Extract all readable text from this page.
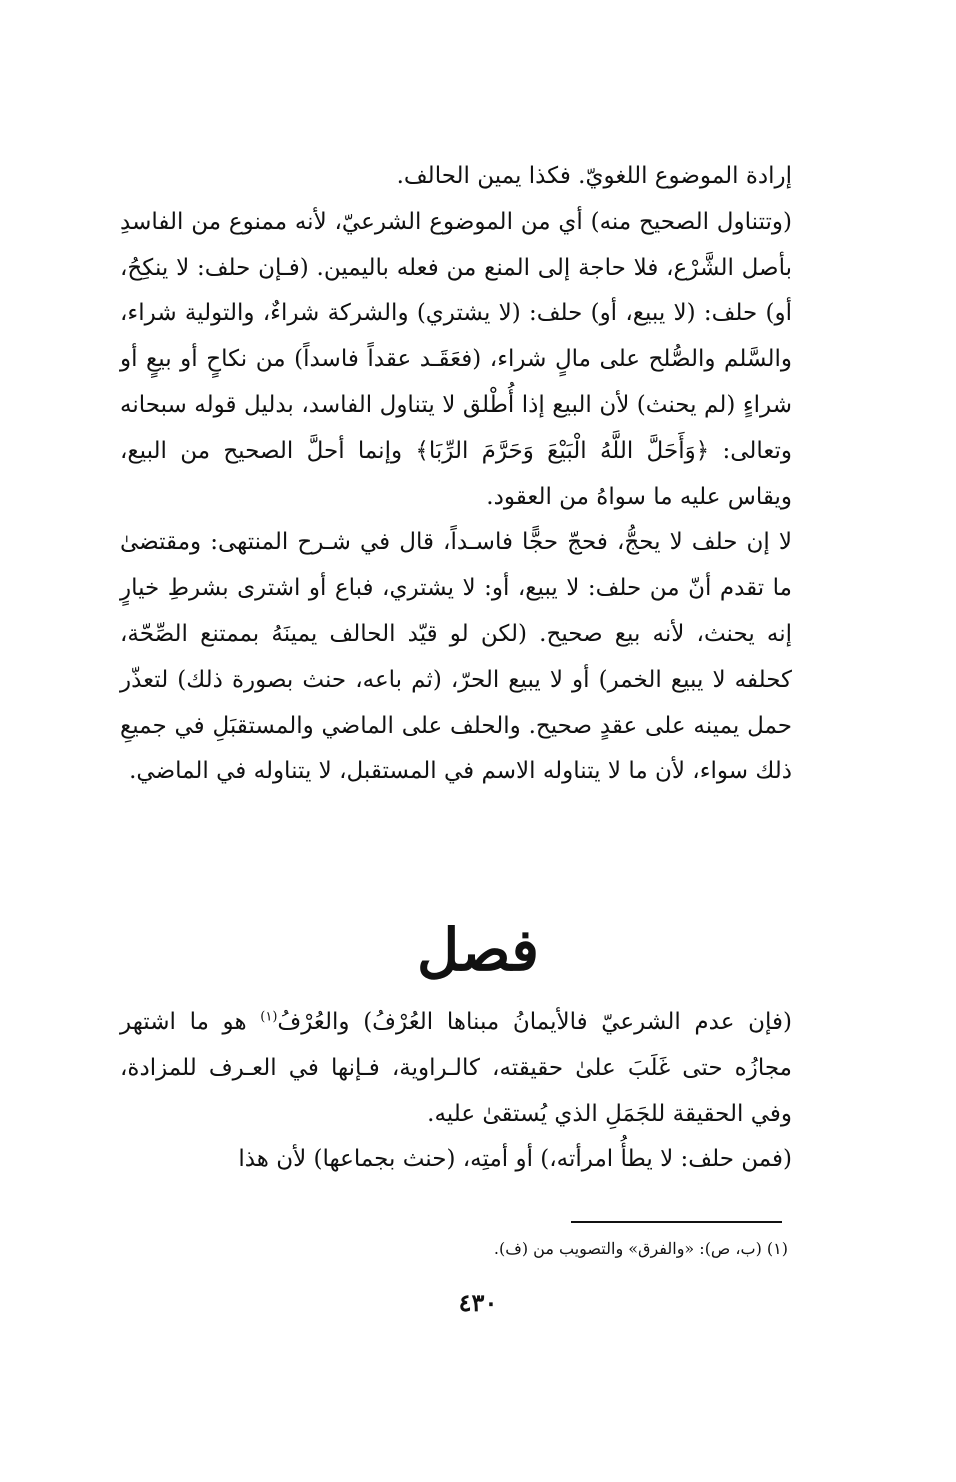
إرادة الموضوع اللغويّ. فكذا يمين الحالف.

(وتتناول الصحيح منه) أي من الموضوع الشرعيّ، لأنه ممنوع من الفاسدِ بأصل الشَّرْع، فلا حاجة إلى المنع من فعله باليمين. (فـإن حلف: لا ينكِحُ، أو) حلف: (لا يبيع، أو) حلف: (لا يشتري) والشركة شراءٌ، والتولية شراء، والسَّلم والصُّلح على مالٍ شراء، (فعَقَـد عقداً فاسداً) من نكاحٍ أو بيعٍ أو شراءٍ (لم يحنث) لأن البيع إذا أُطْلق لا يتناول الفاسد، بدليل قوله سبحانه وتعالى: ﴿وَأَحَلَّ اللَّهُ الْبَيْعَ وَحَرَّمَ الرِّبَا﴾ وإنما أحلَّ الصحيح من البيع، ويقاس عليه ما سواهُ من العقود.

لا إن حلف لا يحجُّ، فحجّ حجًّا فاسـداً، قال في شـرح المنتهى: ومقتضىٰ ما تقدم أنّ من حلف: لا يبيع، أو: لا يشتري، فباع أو اشترى بشرطِ خيارٍ إنه يحنث، لأنه بيع صحيح. (لكن لو قيّد الحالف يمينَهُ بممتنع الصِّحّة، كحلفه لا يبيع الخمر) أو لا يبيع الحرّ، (ثم باعه، حنث بصورة ذلك) لتعذّر حمل يمينه على عقدٍ صحيح. والحلف على الماضي والمستقبَلِ في جميعِ ذلك سواء، لأن ما لا يتناوله الاسم في المستقبل، لا يتناوله في الماضي.

فصل

(فإن عدم الشرعيّ فالأيمانُ مبناها العُرْفُ) والعُرْفُ$^{(١)}$ هو ما اشتهر مجازُه حتى غَلَبَ علىٰ حقيقته، كالـراوية، فـإنها في العـرف للمزادة، وفي الحقيقة للجَمَلِ الذي يُستقىٰ عليه.

(فمن حلف: لا يطأُ امرأته،) أو أمتِه، (حنث بجماعها) لأن هذا

(١) (ب، ص): «والفرق» والتصويب من (ف).
٤٣٠
